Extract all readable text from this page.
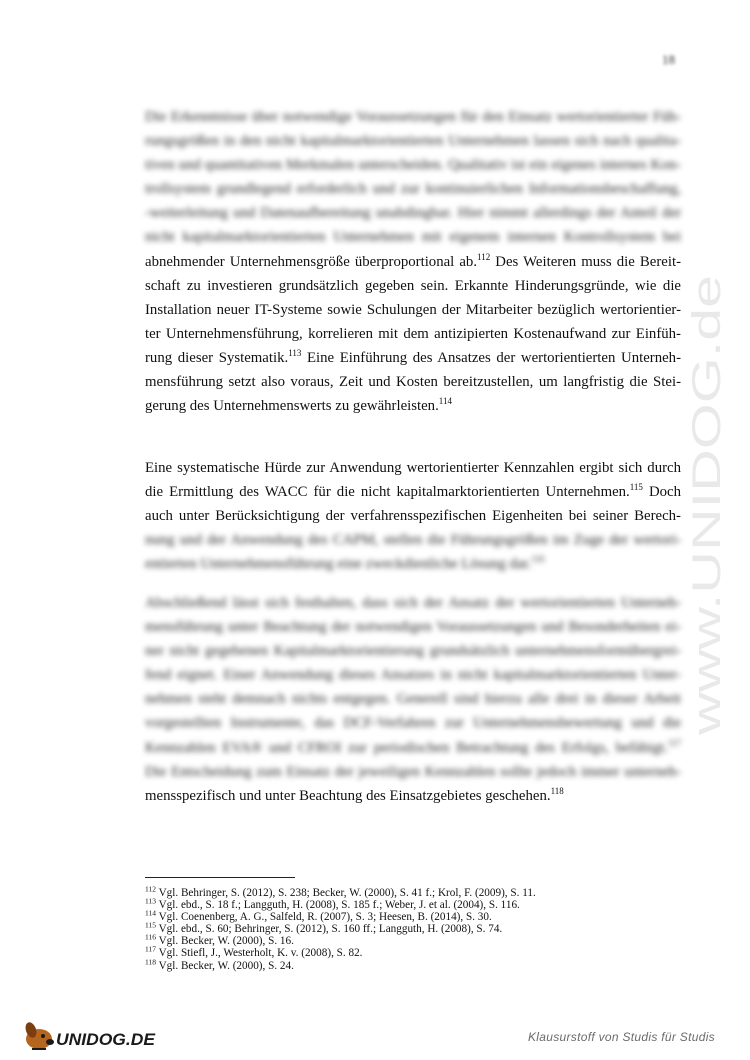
18
Die Erkenntnisse über notwendige Voraussetzungen für den Einsatz wertorientierter Füh-
rungsgrößen in den nicht kapitalmarktorientierten Unternehmen lassen sich nach qualita-
tiven und quantitativen Merkmalen unterscheiden. Qualitativ ist ein eigenes internes Kon-
trollsystem grundlegend erforderlich und zur kontinuierlichen Informationsbeschaffung,
-weiterleitung und Datenaufbereitung unabdingbar. Hier nimmt allerdings der Anteil der
nicht kapitalmarktorientierten Unternehmen mit eigenem internen Kontrollsystem bei
abnehmender Unternehmensgröße überproportional ab.$^{112}$ Des Weiteren muss die Bereit-
schaft zu investieren grundsätzlich gegeben sein. Erkannte Hinderungsgründe, wie die
Installation neuer IT-Systeme sowie Schulungen der Mitarbeiter bezüglich wertorientier-
ter Unternehmensführung, korrelieren mit dem antizipierten Kostenaufwand zur Einfüh-
rung dieser Systematik.$^{113}$ Eine Einführung des Ansatzes der wertorientierten Unterneh-
mensführung setzt also voraus, Zeit und Kosten bereitzustellen, um langfristig die Stei-
gerung des Unternehmenswerts zu gewährleisten.$^{114}$
Eine systematische Hürde zur Anwendung wertorientierter Kennzahlen ergibt sich durch
die Ermittlung des WACC für die nicht kapitalmarktorientierten Unternehmen.$^{115}$ Doch
auch unter Berücksichtigung der verfahrensspezifischen Eigenheiten bei seiner Berech-
nung und der Anwendung des CAPM, stellen die Führungsgrößen im Zuge der wertori-
entierten Unternehmensführung eine zweckdienliche Lösung dar.$^{116}$
Abschließend lässt sich festhalten, dass sich der Ansatz der wertorientierten Unterneh-
mensführung unter Beachtung der notwendigen Voraussetzungen und Besonderheiten ei-
ner nicht gegebenen Kapitalmarktorientierung grundsätzlich unternehmensformübergrei-
fend eignet. Einer Anwendung dieses Ansatzes in nicht kapitalmarktorientierten Unter-
nehmen steht demnach nichts entgegen. Generell sind hierzu alle drei in dieser Arbeit
vorgestellten Instrumente, das DCF-Verfahren zur Unternehmensbewertung und die
Kennzahlen EVA® und CFROI zur periodischen Betrachtung des Erfolgs, befähigt.$^{117}$
Die Entscheidung zum Einsatz der jeweiligen Kennzahlen sollte jedoch immer unterneh-
mensspezifisch und unter Beachtung des Einsatzgebietes geschehen.$^{118}$
$^{112}$ Vgl. Behringer, S. (2012), S. 238; Becker, W. (2000), S. 41 f.; Krol, F. (2009), S. 11.
$^{113}$ Vgl. ebd., S. 18 f.; Langguth, H. (2008), S. 185 f.; Weber, J. et al. (2004), S. 116.
$^{114}$ Vgl. Coenenberg, A. G., Salfeld, R. (2007), S. 3; Heesen, B. (2014), S. 30.
$^{115}$ Vgl. ebd., S. 60; Behringer, S. (2012), S. 160 ff.; Langguth, H. (2008), S. 74.
$^{116}$ Vgl. Becker, W. (2000), S. 16.
$^{117}$ Vgl. Stiefl, J., Westerholt, K. v. (2008), S. 82.
$^{118}$ Vgl. Becker, W. (2000), S. 24.
www.UNIDOG.de
UNIDOG.DE	Klausurstoff von Studis für Studis
